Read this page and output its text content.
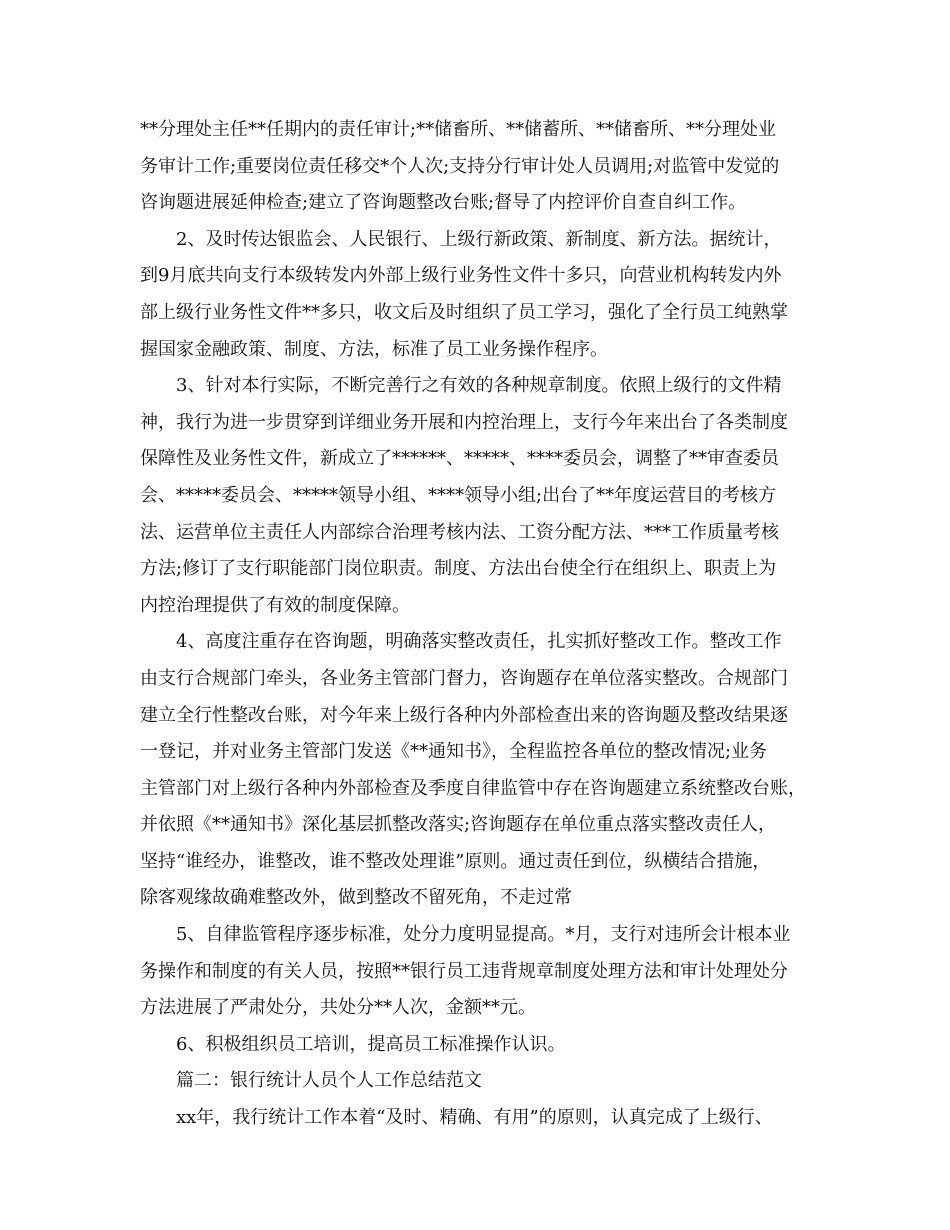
**分理处主任**任期内的责任审计;**储畜所、**储蓄所、**储畜所、**分理处业
务审计工作;重要岗位责任移交*个人次;支持分行审计处人员调用;对监管中发觉的
咨询题进展延伸检查;建立了咨询题整改台账;督导了内控评价自查自纠工作。
2、及时传达银监会、人民银行、上级行新政策、新制度、新方法。据统计，
到9月底共向支行本级转发内外部上级行业务性文件十多只，向营业机构转发内外
部上级行业务性文件**多只，收文后及时组织了员工学习，强化了全行员工纯熟掌
握国家金融政策、制度、方法，标准了员工业务操作程序。
3、针对本行实际，不断完善行之有效的各种规章制度。依照上级行的文件精
神，我行为进一步贯穿到详细业务开展和内控治理上，支行今年来出台了各类制度
保障性及业务性文件，新成立了******、*****、****委员会，调整了**审查委员
会、*****委员会、*****领导小组、****领导小组;出台了**年度运营目的考核方
法、运营单位主责任人内部综合治理考核内法、工资分配方法、***工作质量考核
方法;修订了支行职能部门岗位职责。制度、方法出台使全行在组织上、职责上为
内控治理提供了有效的制度保障。
4、高度注重存在咨询题，明确落实整改责任，扎实抓好整改工作。整改工作
由支行合规部门牵头，各业务主管部门督力，咨询题存在单位落实整改。合规部门
建立全行性整改台账，对今年来上级行各种内外部检查出来的咨询题及整改结果逐
一登记，并对业务主管部门发送《**通知书》，全程监控各单位的整改情况;业务
主管部门对上级行各种内外部检查及季度自律监管中存在咨询题建立系统整改台账，
并依照《**通知书》深化基层抓整改落实;咨询题存在单位重点落实整改责任人，
坚持“谁经办，谁整改，谁不整改处理谁”原则。通过责任到位，纵横结合措施，
除客观缘故确难整改外，做到整改不留死角，不走过常
5、自律监管程序逐步标准，处分力度明显提高。*月，支行对违所会计根本业
务操作和制度的有关人员，按照**银行员工违背规章制度处理方法和审计处理处分
方法进展了严肃处分，共处分**人次，金额**元。
6、积极组织员工培训，提高员工标准操作认识。
篇二：银行统计人员个人工作总结范文
xx年，我行统计工作本着“及时、精确、有用”的原则，认真完成了上级行、
